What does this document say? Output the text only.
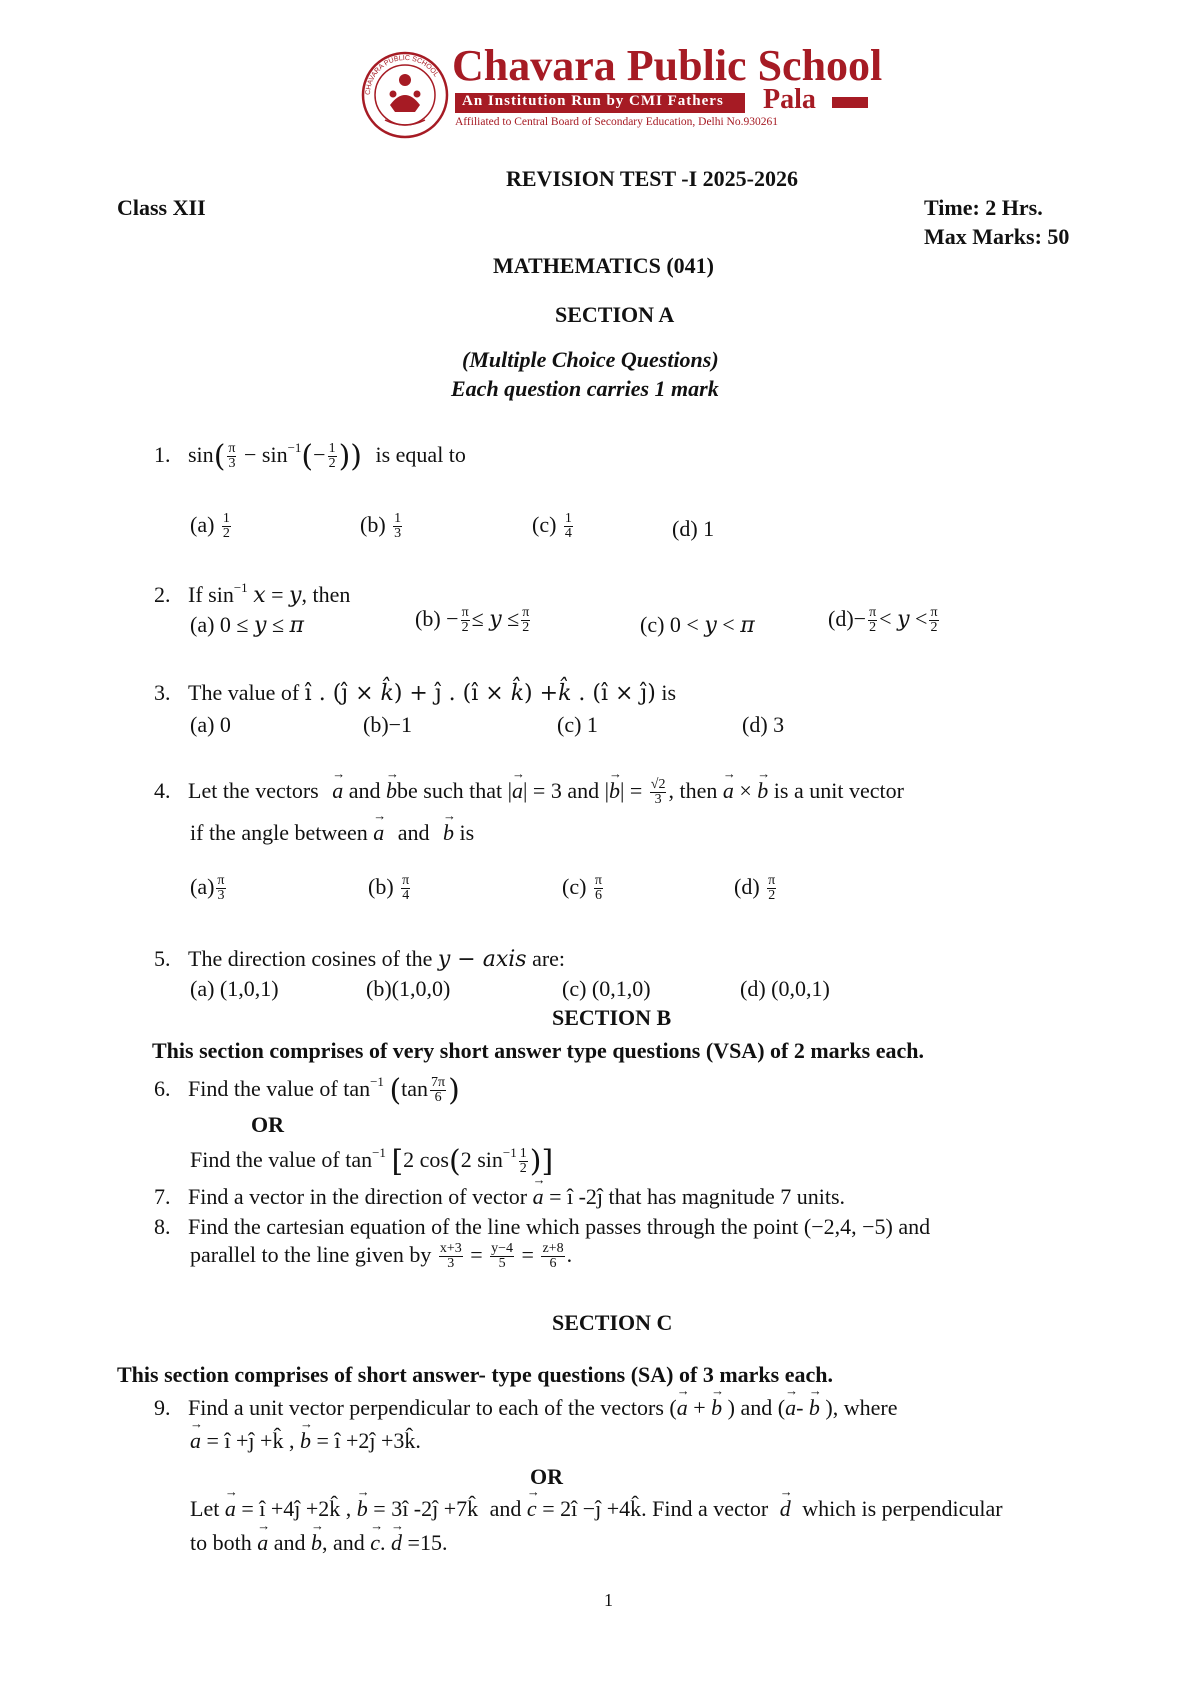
CHAVARA PUBLIC SCHOOL Chavara Public School
An Institution Run by CMI Fathers Pala
Affiliated to Central Board of Secondary Education, Delhi No.930261
REVISION TEST -I 2025-2026
Class XII	Time: 2 Hrs.
Max Marks: 50
MATHEMATICS (041)
SECTION A
(Multiple Choice Questions)
Each question carries 1 mark
1. $\sin( \frac{\pi}{3} - \sin^{-1}(- \frac{1}{2}$ )) is equal to
$(a) \frac{1}{2}$	$(b) \frac{1}{3}$	$(c) \frac{1}{4}$	(d) 1
2. If $\sin^{-1} x = y$, then
(a) 0 ≤ y ≤ π	$(b) - \frac{\pi}{2} \le y \le \frac{\pi}{2}$	(c) 0 < y < π	$(d)- \frac{\pi}{2} < y < \frac{\pi}{2}$
3. The value of î . (ĵ × k̂) + ĵ . (î × k̂) +k̂ . (î × ĵ) is
(a) 0	(b)−1	(c) 1	(d) 3
4. Let the vectors → a and → bbe such that |→ a| = 3 and |→ $b| = \frac{√2}{3}$ , then → a × → b is a unit vector
if the angle between → a and → b is
$(a) \frac{\pi}{3}$	$(b) \frac{\pi}{4}$	$(c) \frac{\pi}{6}$	$(d) \frac{\pi}{2}$
5. The direction cosines of the y − axis are:
(a) (1,0,1)	(b)(1,0,0)	(c) (0,1,0)	(d) (0,0,1)
SECTION B
This section comprises of very short answer type questions (VSA) of 2 marks each.
6. Find the value of $\tan^{-1} (\tan \frac{7\pi}{6}$ )
OR
Find the value of $\tan^{-1} [2$ cos(2 $\sin^{-1} \frac{1}{2}$ )]
7. Find a vector in the direction of vector → a = î -2ĵ that has magnitude 7 units.
8. Find the cartesian equation of the line which passes through the point (−2,4, −5) and
parallel to the line given by $\frac{x+3}{3} = \frac{y-4}{5} = \frac{z+8}{6}$ .
SECTION C
This section comprises of short answer- type questions (SA) of 3 marks each.
9. Find a unit vector perpendicular to each of the vectors (→ a + → b ) and (→ a- → b ), where
→ a = î +ĵ +k̂ , → b = î +2ĵ +3k̂.
OR
Let → a = î +4ĵ +2k̂ , → b = 3î -2ĵ +7k̂ and → c = 2î −ĵ +4k̂. Find a vector → d which is perpendicular
to both → a and → b, and → c. → d =15.
1
